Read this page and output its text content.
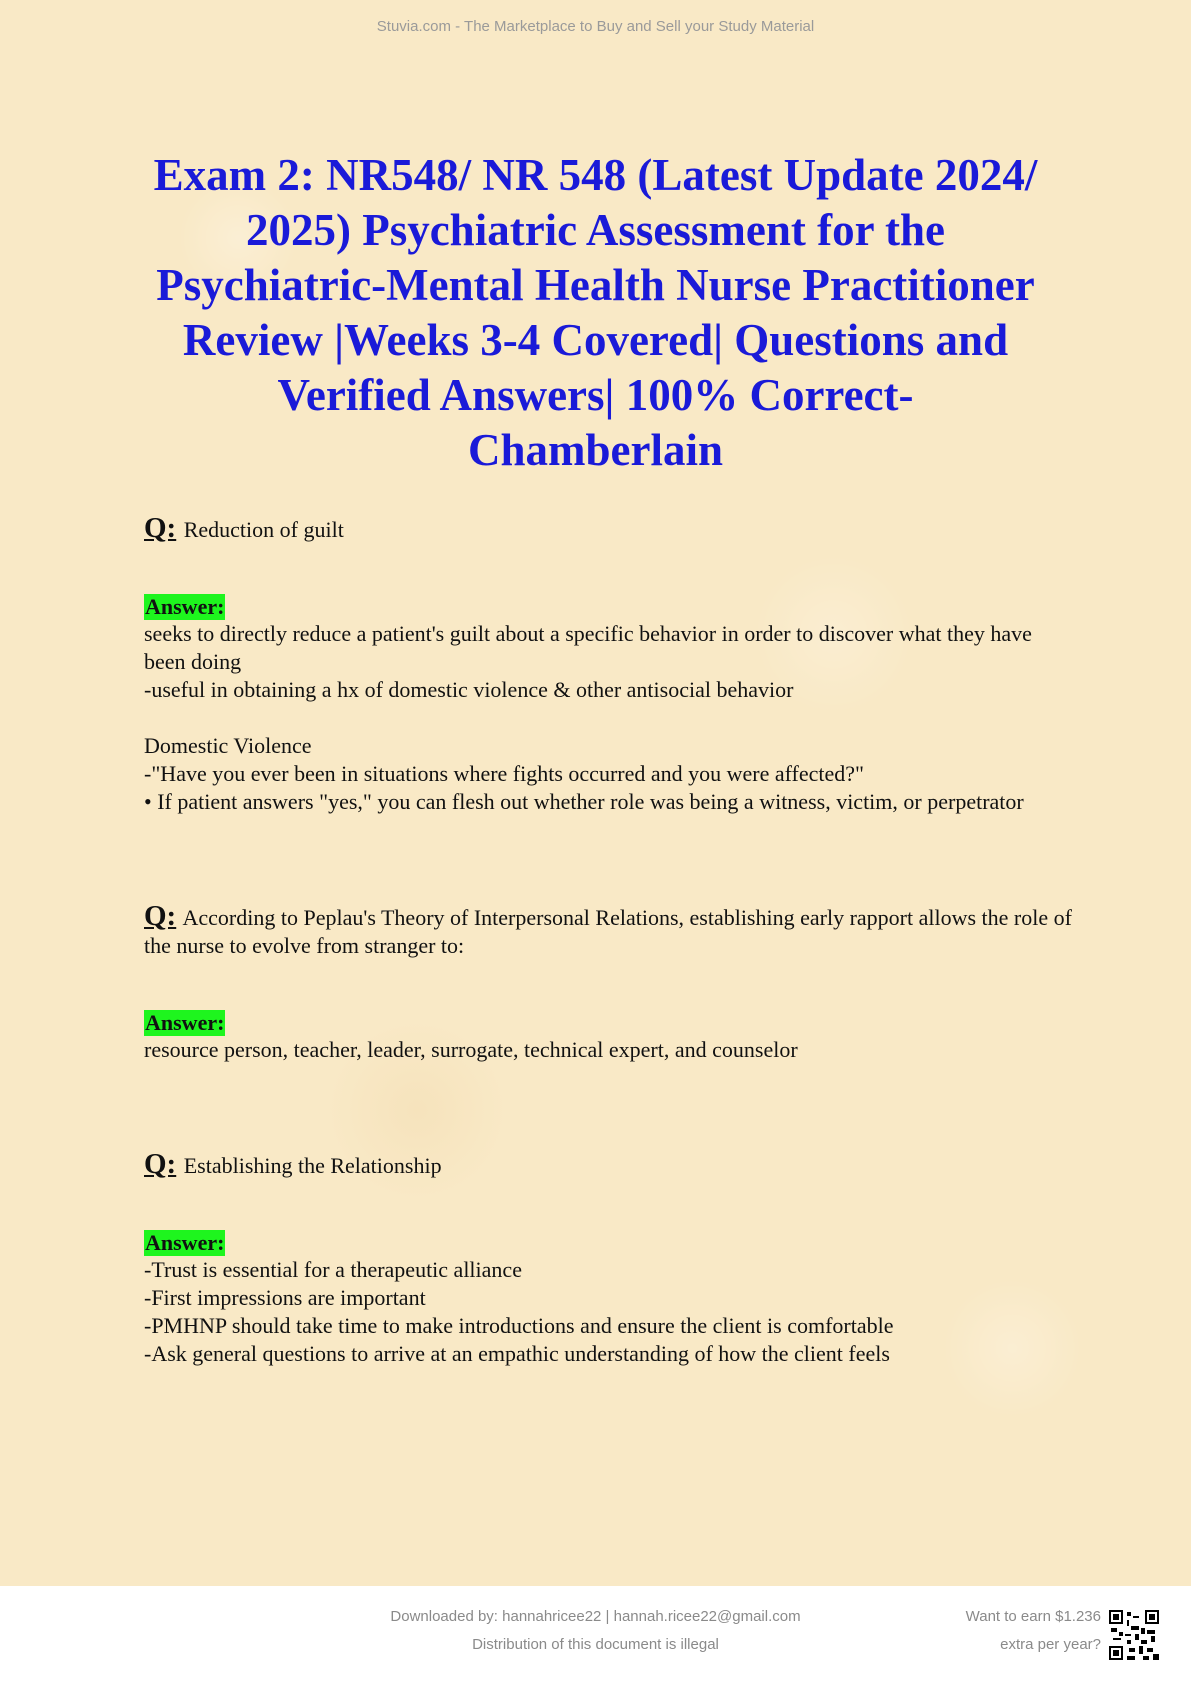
Stuvia.com - The Marketplace to Buy and Sell your Study Material
Exam 2: NR548/ NR 548 (Latest Update 2024/ 2025) Psychiatric Assessment for the Psychiatric-Mental Health Nurse Practitioner Review |Weeks 3-4 Covered| Questions and Verified Answers| 100% Correct- Chamberlain

Q: Reduction of guilt

Answer:

seeks to directly reduce a patient's guilt about a specific behavior in order to discover what they have been doing
-useful in obtaining a hx of domestic violence & other antisocial behavior

Domestic Violence
-"Have you ever been in situations where fights occurred and you were affected?"
• If patient answers "yes," you can flesh out whether role was being a witness, victim, or perpetrator

Q: According to Peplau's Theory of Interpersonal Relations, establishing early rapport allows the role of the nurse to evolve from stranger to:

Answer:

resource person, teacher, leader, surrogate, technical expert, and counselor

Q: Establishing the Relationship

Answer:

-Trust is essential for a therapeutic alliance
-First impressions are important
-PMHNP should take time to make introductions and ensure the client is comfortable
-Ask general questions to arrive at an empathic understanding of how the client feels

Downloaded by: hannahricee22 | hannah.ricee22@gmail.com
Distribution of this document is illegal
Want to earn $1.236
extra per year?
